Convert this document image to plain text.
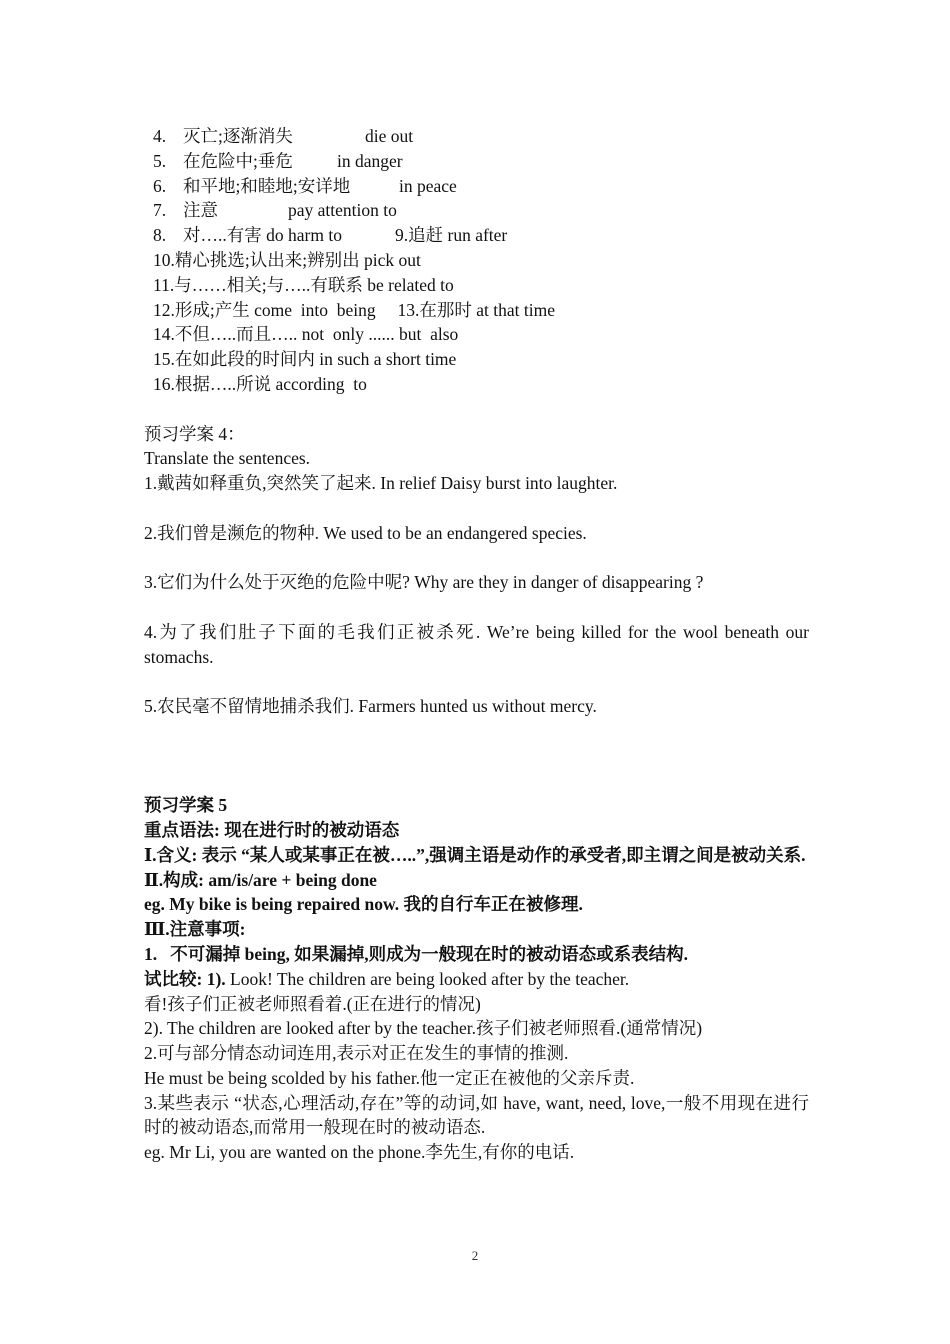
4. 灭亡;逐渐消失	die out
5. 在危险中;垂危	in danger
6. 和平地;和睦地;安详地	in peace
7. 注意	pay attention to
8. 对…..有害 do harm to	9.追赶 run after
10.精心挑选;认出来;辨别出 pick out
11.与……相关;与…..有联系 be related to
12.形成;产生 come  into  being     13.在那时 at that time
14.不但…..而且….. not  only ...... but  also
15.在如此段的时间内 in such a short time
16.根据…..所说 according  to
预习学案 4：
Translate the sentences.
1.戴茜如释重负,突然笑了起来. In relief Daisy burst into laughter.
2.我们曾是濒危的物种. We used to be an endangered species.
3.它们为什么处于灭绝的危险中呢? Why are they in danger of disappearing ?
4.为了我们肚子下面的毛我们正被杀死. We’re being killed for the wool beneath our stomachs.
5.农民毫不留情地捕杀我们. Farmers hunted us without mercy.
预习学案 5
重点语法: 现在进行时的被动语态
Ⅰ.含义: 表示 “某人或某事正在被…..”,强调主语是动作的承受者,即主谓之间是被动关系.
Ⅱ.构成: am/is/are + being done
eg. My bike is being repaired now. 我的自行车正在被修理.
Ⅲ.注意事项:
1.   不可漏掉 being, 如果漏掉,则成为一般现在时的被动语态或系表结构.
试比较: 1). Look! The children are being looked after by the teacher.
看!孩子们正被老师照看着.(正在进行的情况)
2). The children are looked after by the teacher.孩子们被老师照看.(通常情况)
2.可与部分情态动词连用,表示对正在发生的事情的推测.
He must be being scolded by his father.他一定正在被他的父亲斥责.
3.某些表示 “状态,心理活动,存在”等的动词,如 have, want, need, love,一般不用现在进行时的被动语态,而常用一般现在时的被动语态.
eg. Mr Li, you are wanted on the phone.李先生,有你的电话.
2
